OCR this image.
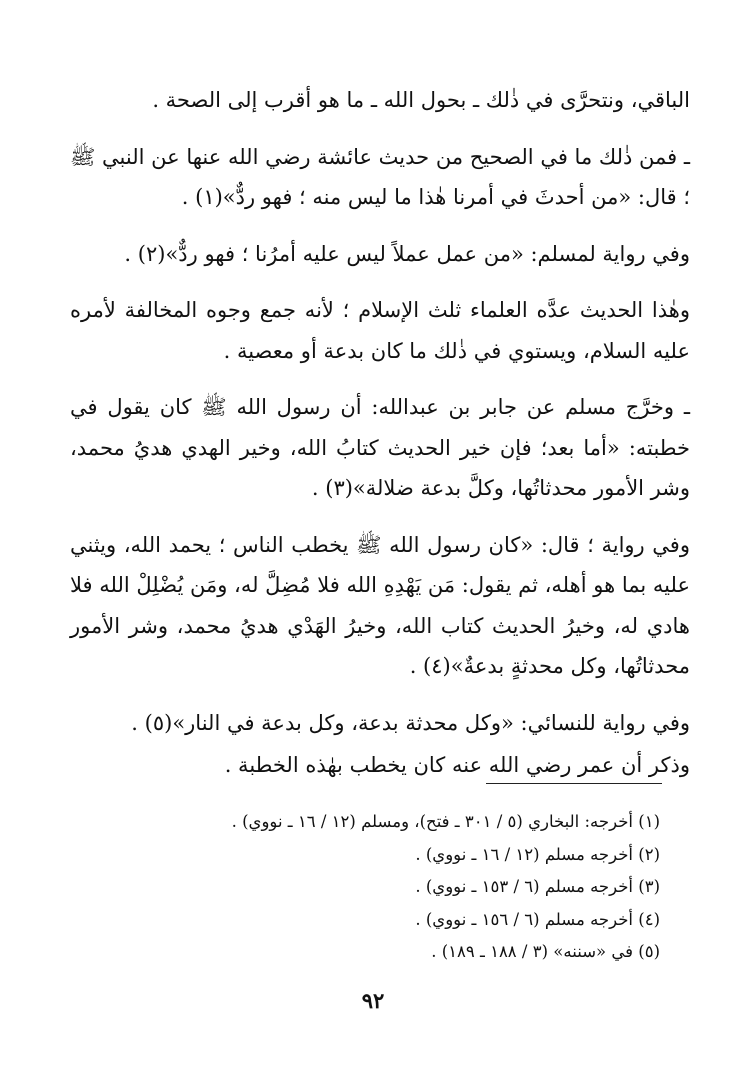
الباقي، ونتحرَّى في ذٰلك ـ بحول الله ـ ما هو أقرب إلى الصحة .

ـ فمن ذٰلك ما في الصحيح من حديث عائشة رضي الله عنها عن النبي ﷺ ؛ قال: «من أحدثَ في أمرنا هٰذا ما ليس منه ؛ فهو ردٌّ»(١) .

وفي رواية لمسلم: «من عمل عملاً ليس عليه أمرُنا ؛ فهو ردٌّ»(٢) .

وهٰذا الحديث عدَّه العلماء ثلث الإسلام ؛ لأنه جمع وجوه المخالفة لأمره عليه السلام، ويستوي في ذٰلك ما كان بدعة أو معصية .

ـ وخرَّج مسلم عن جابر بن عبدالله: أن رسول الله ﷺ كان يقول في خطبته: «أما بعد؛ فإن خير الحديث كتابُ الله، وخير الهدي هديُ محمد، وشر الأمور محدثاتُها، وكلَّ بدعة ضلالة»(٣) .

وفي رواية ؛ قال: «كان رسول الله ﷺ يخطب الناس ؛ يحمد الله، ويثني عليه بما هو أهله، ثم يقول: مَن يَهْدِهِ الله فلا مُضِلَّ له، ومَن يُضْلِلْ الله فلا هادي له، وخيرُ الحديث كتاب الله، وخيرُ الهَدْي هديُ محمد، وشر الأمور محدثاتُها، وكل محدثةٍ بدعةٌ»(٤) .

وفي رواية للنسائي: «وكل محدثة بدعة، وكل بدعة في النار»(٥) .

وذكر أن عمر رضي الله عنه كان يخطب بهٰذه الخطبة .

(١) أخرجه: البخاري (٥ / ٣٠١ ـ فتح)، ومسلم (١٢ / ١٦ ـ نووي) .

(٢) أخرجه مسلم (١٢ / ١٦ ـ نووي) .

(٣) أخرجه مسلم (٦ / ١٥٣ ـ نووي) .

(٤) أخرجه مسلم (٦ / ١٥٦ ـ نووي) .

(٥) في «سننه» (٣ / ١٨٨ ـ ١٨٩) .

٩٢
